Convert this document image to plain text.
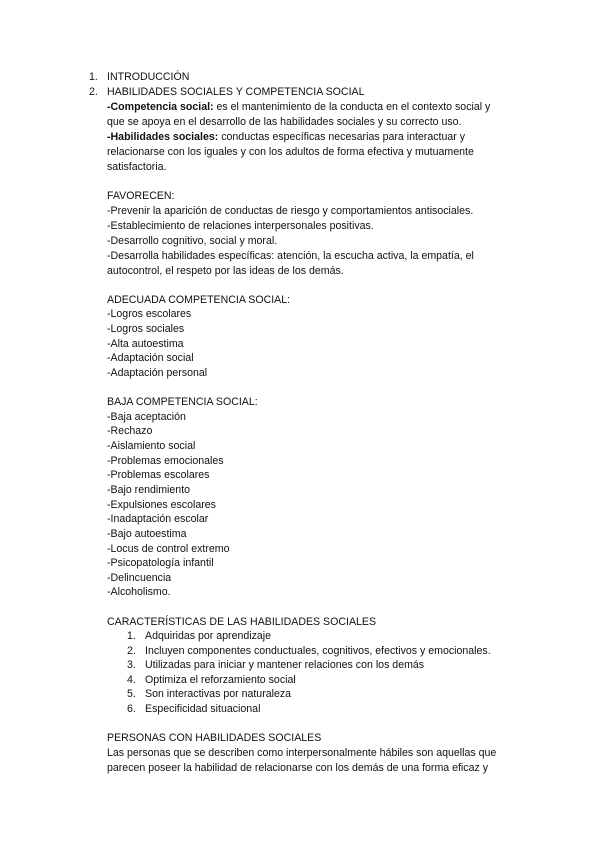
1. INTRODUCCIÓN
2. HABILIDADES SOCIALES Y COMPETENCIA SOCIAL
-Competencia social: es el mantenimiento de la conducta en el contexto social y
que se apoya en el desarrollo de las habilidades sociales y su correcto uso.
-Habilidades sociales: conductas específicas necesarias para interactuar y
relacionarse con los iguales y con los adultos de forma efectiva y mutuamente
satisfactoria.
FAVORECEN:
-Prevenir la aparición de conductas de riesgo y comportamientos antisociales.
-Establecimiento de relaciones interpersonales positivas.
-Desarrollo cognitivo, social y moral.
-Desarrolla habilidades específicas: atención, la escucha activa, la empatía, el
autocontrol, el respeto por las ideas de los demás.
ADECUADA COMPETENCIA SOCIAL:
-Logros escolares
-Logros sociales
-Alta autoestima
-Adaptación social
-Adaptación personal
BAJA COMPETENCIA SOCIAL:
-Baja aceptación
-Rechazo
-Aislamiento social
-Problemas emocionales
-Problemas escolares
-Bajo rendimiento
-Expulsiones escolares
-Inadaptación escolar
-Bajo autoestima
-Locus de control extremo
-Psicopatología infantil
-Delincuencia
-Alcoholismo.
CARACTERÍSTICAS DE LAS HABILIDADES SOCIALES
1. Adquiridas por aprendizaje
2. Incluyen componentes conductuales, cognitivos, efectivos y emocionales.
3. Utilizadas para iniciar y mantener relaciones con los demás
4. Optimiza el reforzamiento social
5. Son interactivas por naturaleza
6. Especificidad situacional
PERSONAS CON HABILIDADES SOCIALES
Las personas que se describen como interpersonalmente hábiles son aquellas que
parecen poseer la habilidad de relacionarse con los demás de una forma eficaz y
